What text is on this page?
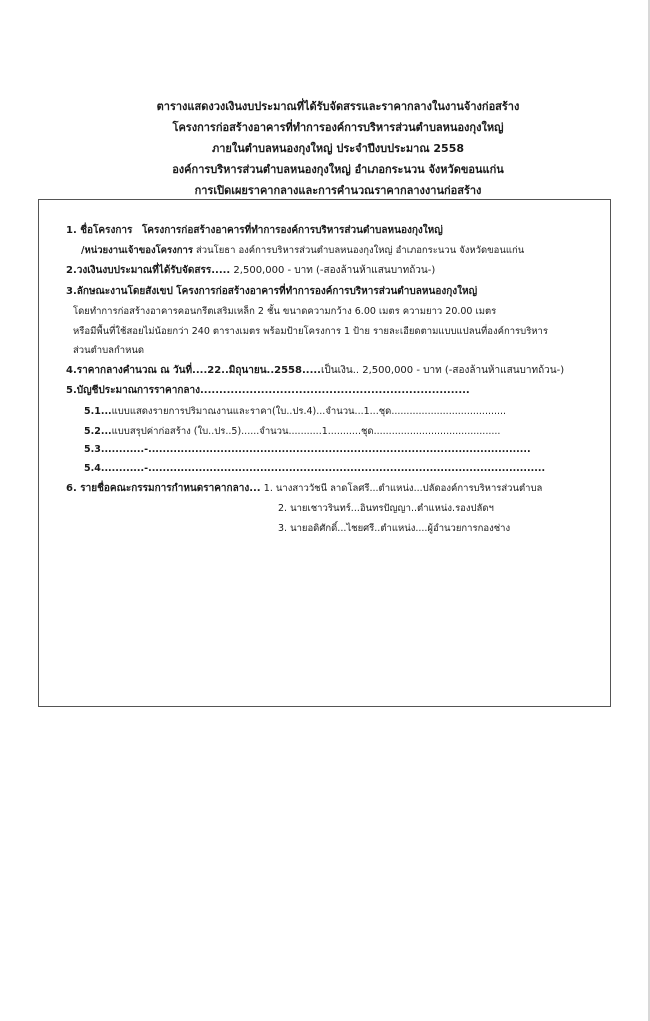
ตารางแสดงวงเงินงบประมาณที่ได้รับจัดสรรและราคากลางในงานจ้างก่อสร้าง
โครงการก่อสร้างอาคารที่ทำการองค์การบริหารส่วนตำบลหนองกุงใหญ่
ภายในตำบลหนองกุงใหญ่ ประจำปีงบประมาณ 2558
องค์การบริหารส่วนตำบลหนองกุงใหญ่ อำเภอกระนวน จังหวัดขอนแก่น
การเปิดเผยราคากลางและการคำนวณราคากลางงานก่อสร้าง
1. ชื่อโครงการ โครงการก่อสร้างอาคารที่ทำการองค์การบริหารส่วนตำบลหนองกุงใหญ่
/หน่วยงานเจ้าของโครงการ ส่วนโยธา องค์การบริหารส่วนตำบลหนองกุงใหญ่ อำเภอกระนวน จังหวัดขอนแก่น
2.วงเงินงบประมาณที่ได้รับจัดสรร..... 2,500,000 - บาท (-สองล้านห้าแสนบาทถ้วน-)
3.ลักษณะงานโดยสังเขป โครงการก่อสร้างอาคารที่ทำการองค์การบริหารส่วนตำบลหนองกุงใหญ่
โดยทำการก่อสร้างอาคารคอนกรีตเสริมเหล็ก 2 ชั้น ขนาดความกว้าง 6.00 เมตร ความยาว 20.00 เมตร
หรือมีพื้นที่ใช้สอยไม่น้อยกว่า 240 ตารางเมตร พร้อมป้ายโครงการ 1 ป้าย รายละเอียดตามแบบแปลนที่องค์การบริหาร
ส่วนตำบลกำหนด
4.ราคากลางคำนวณ ณ วันที่....22..มิถุนายน..2558.....เป็นเงิน.. 2,500,000 - บาท (-สองล้านห้าแสนบาทถ้วน-)
5.บัญชีประมาณการราคากลาง.......................................................................
5.1...แบบแสดงรายการปริมาณงานและราคา(ใบ..ปร.4)...จำนวน...1...ชุด......................................
5.2...แบบสรุปค่าก่อสร้าง (ใบ..ปร..5)......จำนวน...........1...........ชุด..........................................
5.3............-..........................................................................................................
5.4............-..............................................................................................................
6. รายชื่อคณะกรรมการกำหนดราคากลาง... 1. นางสาววัชนี ลาดโลศรี...ตำแหน่ง...ปลัดองค์การบริหารส่วนตำบล
2. นายเชาวรินทร์...อินทรปัญญา..ตำแหน่ง.รองปลัดฯ
3. นายอดิศักดิ์...ไชยศรี..ตำแหน่ง....ผู้อำนวยการกองช่าง
